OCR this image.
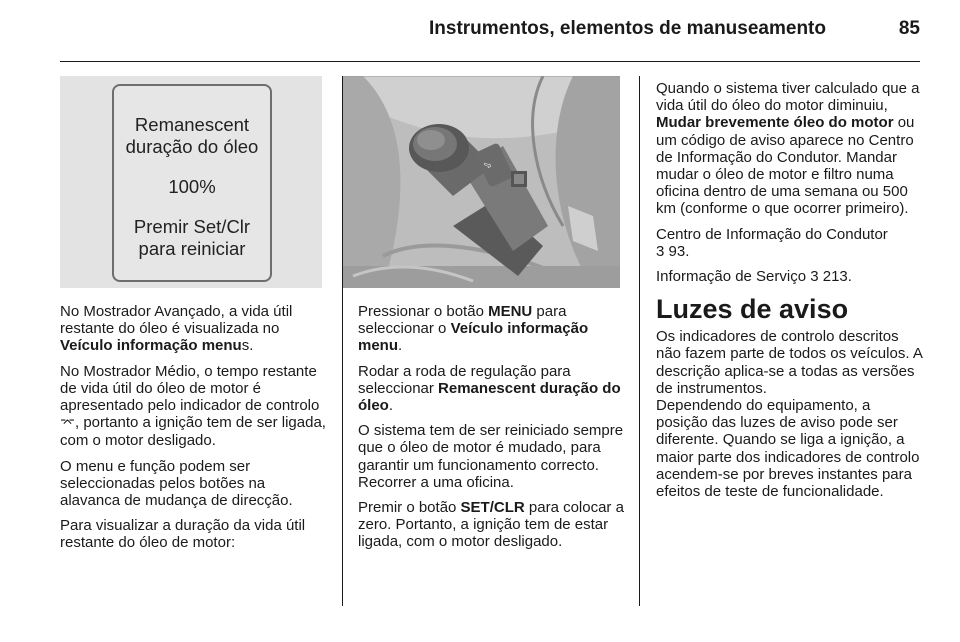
Instrumentos, elementos de manuseamento	85
Remanescent
duração do óleo
100%
Premir Set/Clr
para reiniciar
⇩

No Mostrador Avançado, a vida útil restante do óleo é visualizada no Veículo informação menus.

No Mostrador Médio, o tempo restante de vida útil do óleo de motor é apresentado pelo indicador de controlo ⌤, portanto a ignição tem de ser ligada, com o motor desligado.

O menu e função podem ser seleccionadas pelos botões na alavanca de mudança de direcção.

Para visualizar a duração da vida útil restante do óleo de motor:

Pressionar o botão MENU para seleccionar o Veículo informação menu.

Rodar a roda de regulação para seleccionar Remanescent duração do óleo.

O sistema tem de ser reiniciado sempre que o óleo de motor é mudado, para garantir um funcionamento correcto. Recorrer a uma oficina.

Premir o botão SET/CLR para colocar a zero. Portanto, a ignição tem de estar ligada, com o motor desligado.

Quando o sistema tiver calculado que a vida útil do óleo do motor diminuiu, Mudar brevemente óleo do motor ou um código de aviso aparece no Centro de Informação do Condutor. Mandar mudar o óleo de motor e filtro numa oficina dentro de uma semana ou 500 km (conforme o que ocorrer primeiro).

Centro de Informação do Condutor
3 93.

Informação de Serviço 3 213.

Luzes de aviso

Os indicadores de controlo descritos não fazem parte de todos os veículos. A descrição aplica-se a todas as versões de instrumentos.

Dependendo do equipamento, a posição das luzes de aviso pode ser diferente. Quando se liga a ignição, a maior parte dos indicadores de controlo acendem-se por breves instantes para efeitos de teste de funcionalidade.
